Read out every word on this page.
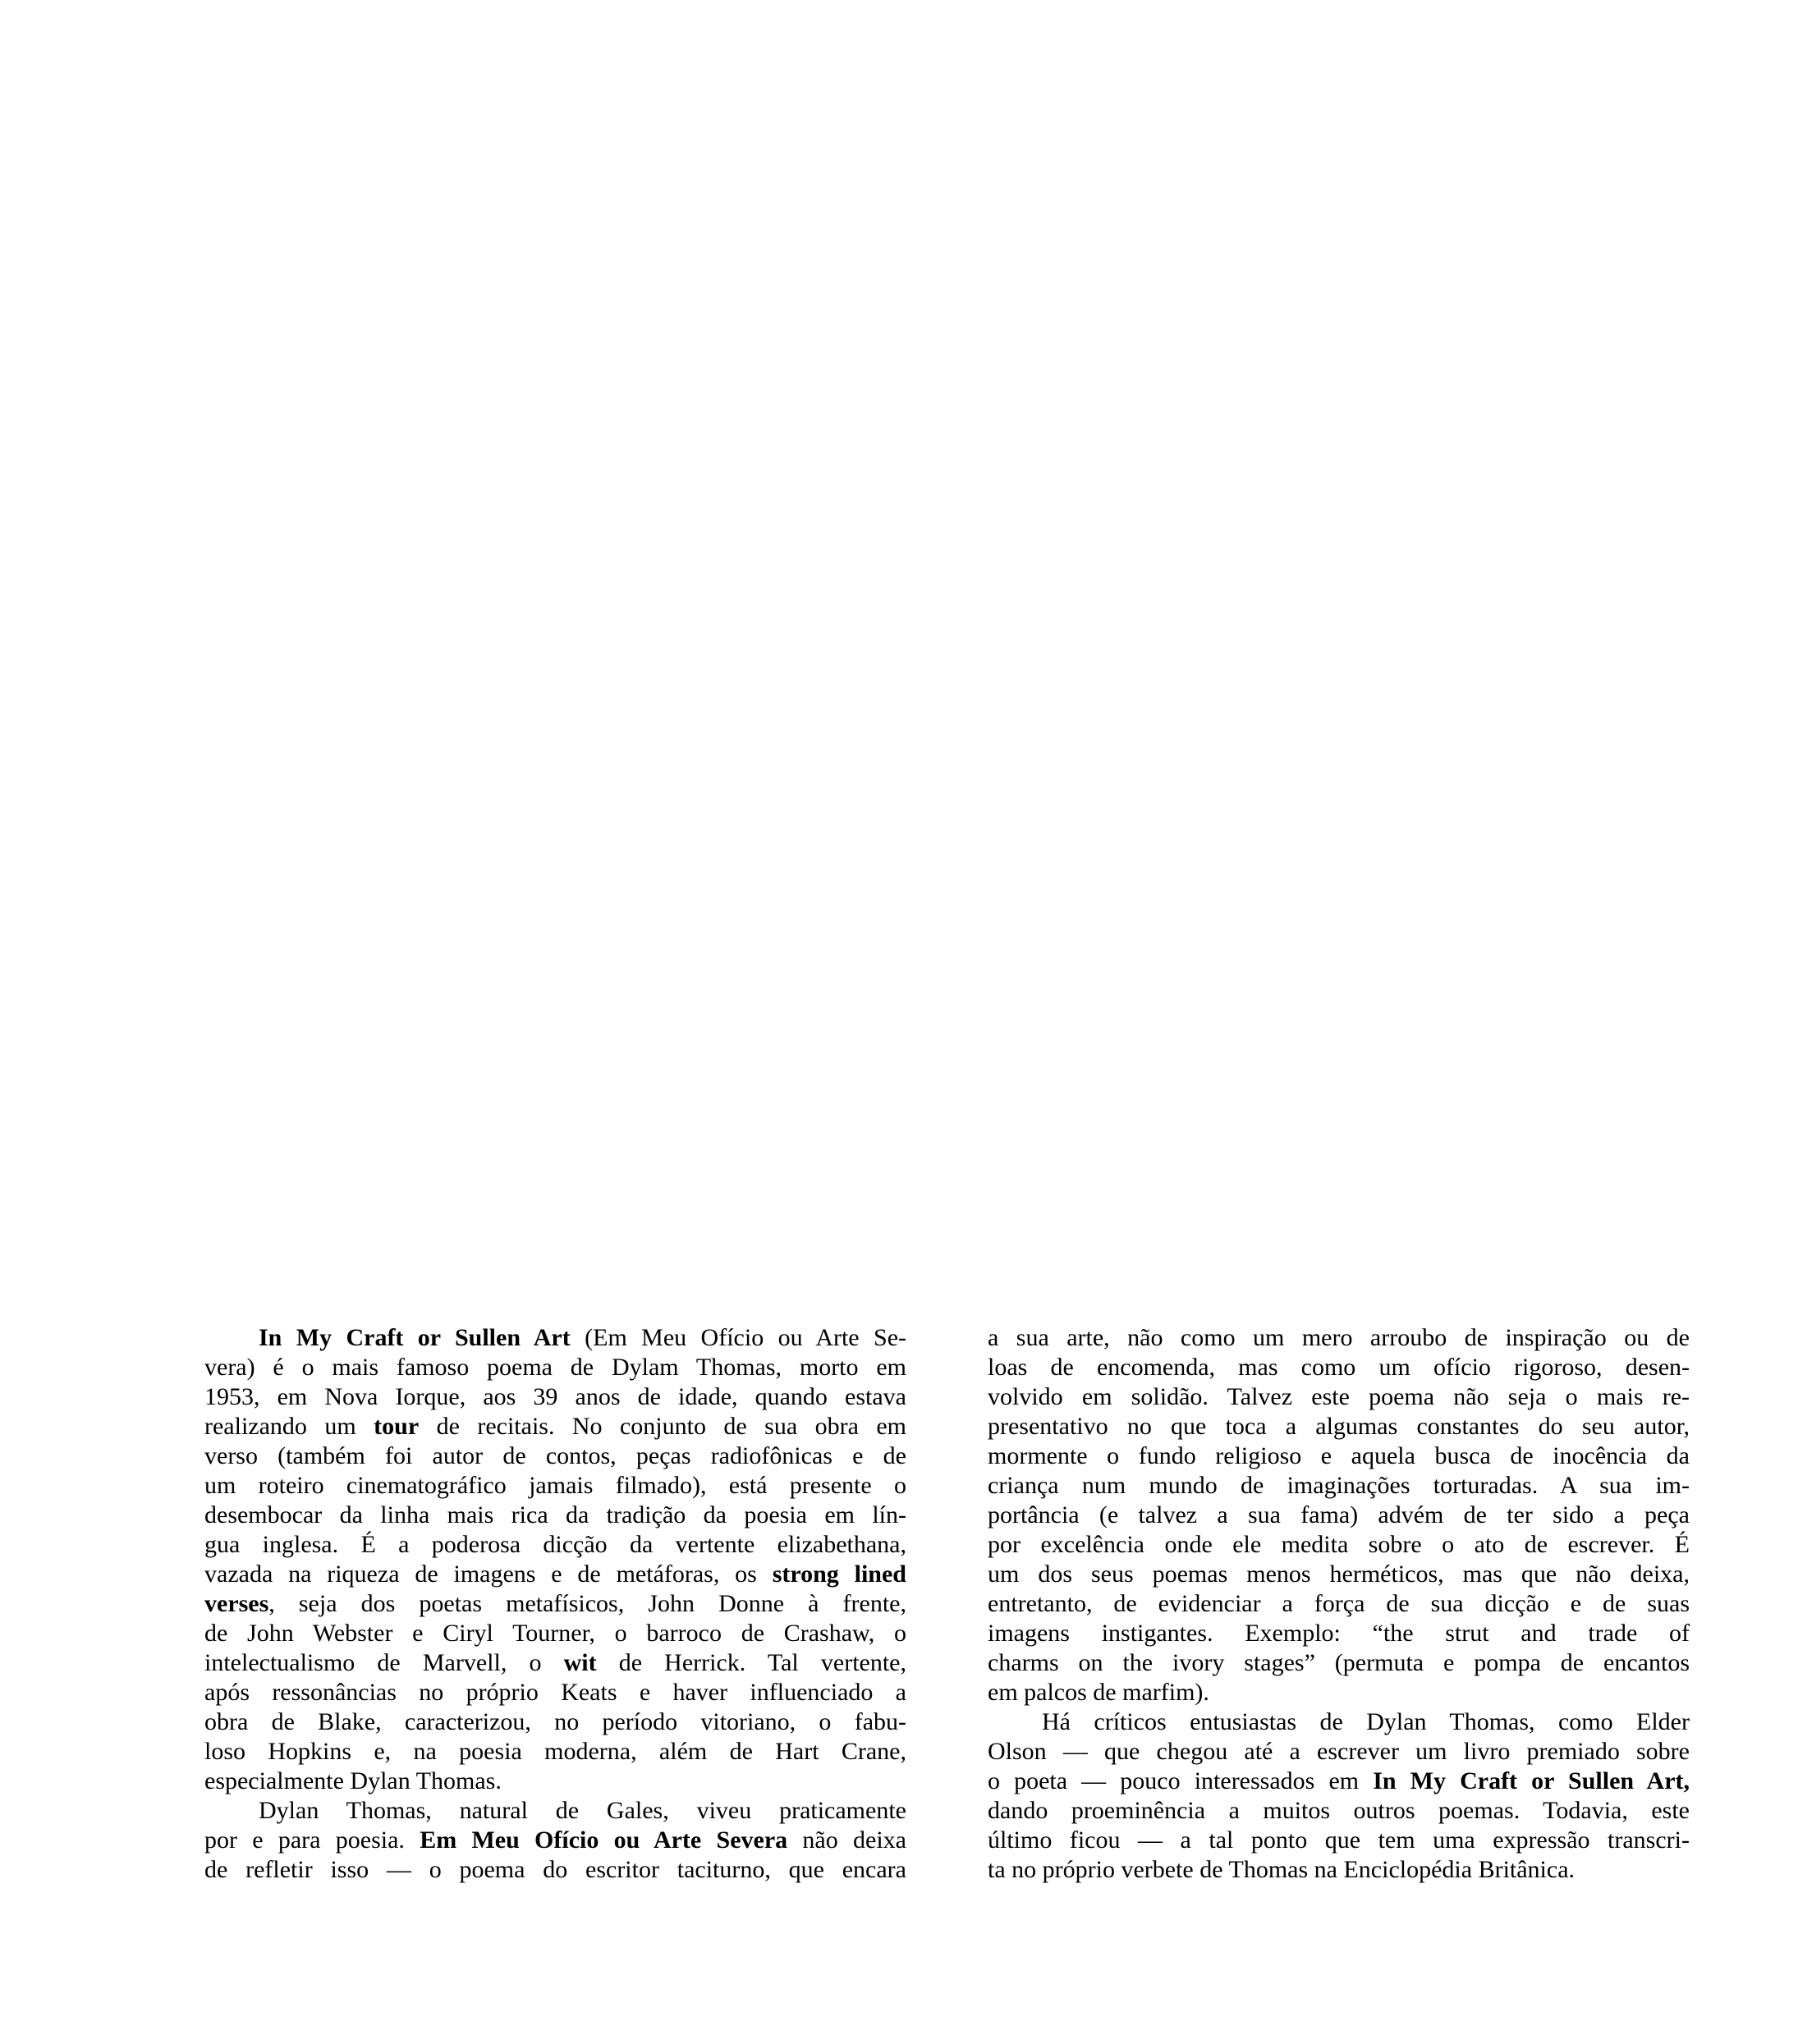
In My Craft or Sullen Art (Em Meu Ofício ou Arte Se-
vera) é o mais famoso poema de Dylam Thomas, morto em
1953, em Nova Iorque, aos 39 anos de idade, quando estava
realizando um tour de recitais. No conjunto de sua obra em
verso (também foi autor de contos, peças radiofônicas e de
um roteiro cinematográfico jamais filmado), está presente o
desembocar da linha mais rica da tradição da poesia em lín-
gua inglesa. É a poderosa dicção da vertente elizabethana,
vazada na riqueza de imagens e de metáforas, os strong lined
verses, seja dos poetas metafísicos, John Donne à frente,
de John Webster e Ciryl Tourner, o barroco de Crashaw, o
intelectualismo de Marvell, o wit de Herrick. Tal vertente,
após ressonâncias no próprio Keats e haver influenciado a
obra de Blake, caracterizou, no período vitoriano, o fabu-
loso Hopkins e, na poesia moderna, além de Hart Crane,
especialmente Dylan Thomas.
Dylan Thomas, natural de Gales, viveu praticamente
por e para poesia. Em Meu Ofício ou Arte Severa não deixa
de refletir isso — o poema do escritor taciturno, que encara
a sua arte, não como um mero arroubo de inspiração ou de
loas de encomenda, mas como um ofício rigoroso, desen-
volvido em solidão. Talvez este poema não seja o mais re-
presentativo no que toca a algumas constantes do seu autor,
mormente o fundo religioso e aquela busca de inocência da
criança num mundo de imaginações torturadas. A sua im-
portância (e talvez a sua fama) advém de ter sido a peça
por excelência onde ele medita sobre o ato de escrever. É
um dos seus poemas menos herméticos, mas que não deixa,
entretanto, de evidenciar a força de sua dicção e de suas
imagens instigantes. Exemplo: “the strut and trade of
charms on the ivory stages” (permuta e pompa de encantos
em palcos de marfim).
Há críticos entusiastas de Dylan Thomas, como Elder
Olson — que chegou até a escrever um livro premiado sobre
o poeta — pouco interessados em In My Craft or Sullen Art,
dando proeminência a muitos outros poemas. Todavia, este
último ficou — a tal ponto que tem uma expressão transcri-
ta no próprio verbete de Thomas na Enciclopédia Britânica.
